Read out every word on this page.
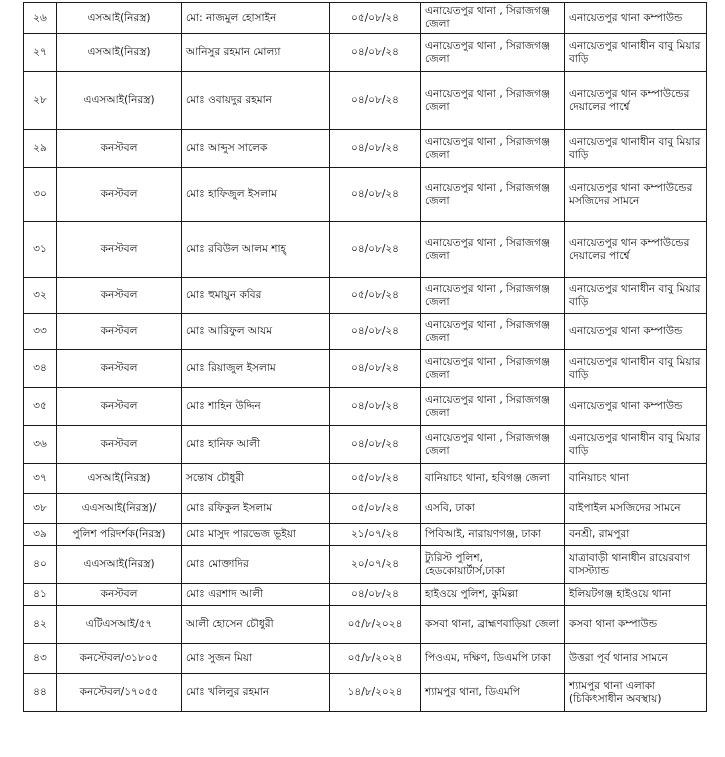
২৬	এসআই(নিরস্ত্র)	মো: নাজমুল হোসাইন	০৫/০৮/২৪	এনায়েতপুর থানা , সিরাজগঞ্জ জেলা	এনায়েতপুর থানা কম্পাউন্ড
২৭	এসআই(নিরস্ত্র)	আনিসুর রহমান মোল্যা	০৪/০৮/২৪	এনায়েতপুর থানা , সিরাজগঞ্জ জেলা	এনায়েতপুর থানাধীন বাবু মিয়ার বাড়ি
২৮	এএসআই(নিরস্ত্র)	মোঃ ওবায়দুর রহমান	০৪/০৮/২৪	এনায়েতপুর থানা , সিরাজগঞ্জ জেলা	এনায়েতপুর থান কম্পাউন্ডের দেয়ালের পার্শ্বে
২৯	কনস্টবল	মোঃ আব্দুস সালেক	০৪/০৮/২৪	এনায়েতপুর থানা , সিরাজগঞ্জ জেলা	এনায়েতপুর থানাধীন বাবু মিয়ার বাড়ি
৩০	কনস্টবল	মোঃ হাফিজুল ইসলাম	০৪/০৮/২৪	এনায়েতপুর থানা , সিরাজগঞ্জ জেলা	এনায়েতপুর থানা কম্পাউন্ডের মসজিদের সামনে
৩১	কনস্টবল	মোঃ রবিউল আলম শাহ্	০৪/০৮/২৪	এনায়েতপুর থানা , সিরাজগঞ্জ জেলা	এনায়েতপুর থান কম্পাউন্ডের দেয়ালের পার্শ্বে
৩২	কনস্টবল	মোঃ হুমায়ুন কবির	০৫/০৮/২৪	এনায়েতপুর থানা , সিরাজগঞ্জ জেলা	এনায়েতপুর থানাধীন বাবু মিয়ার বাড়ি
৩৩	কনস্টবল	মোঃ আরিফুল আযম	০৪/০৮/২৪	এনায়েতপুর থানা , সিরাজগঞ্জ জেলা	এনায়েতপুর থানা কম্পাউন্ড
৩৪	কনস্টবল	মোঃ রিয়াজুল ইসলাম	০৪/০৮/২৪	এনায়েতপুর থানা , সিরাজগঞ্জ জেলা	এনায়েতপুর থানাধীন বাবু মিয়ার বাড়ি
৩৫	কনস্টবল	মোঃ শাহিন উদ্দিন	০৪/০৮/২৪	এনায়েতপুর থানা , সিরাজগঞ্জ জেলা	এনায়েতপুর থানা কম্পাউন্ড
৩৬	কনস্টবল	মোঃ হানিফ আলী	০৪/০৮/২৪	এনায়েতপুর থানা , সিরাজগঞ্জ জেলা	এনায়েতপুর থানাধীন বাবু মিয়ার বাড়ি
৩৭	এসআই(নিরস্ত্র)	সন্তোষ চৌধুরী	০৫/০৮/২৪	বানিয়াচং থানা, হবিগঞ্জ জেলা	বানিয়াচং থানা
৩৮	এএসআই(নিরস্ত্র)/	মোঃ রফিকুল ইসলাম	০৫/০৮/২৪	এসবি, ঢাকা	বাইপাইল মসজিদের সামনে
৩৯	পুলিশ পরিদর্শক(নিরস্ত্র)	মোঃ মাসুদ পারভেজ ভূইয়া	২১/০৭/২৪	পিবিআই, নারায়ণগঞ্জ, ঢাকা	বনশ্রী, রামপুরা
৪০	এএসআই(নিরস্ত্র)	মোঃ মোক্তাদির	২০/০৭/২৪	ট্যুরিস্ট পুলিশ, হেডকোয়ার্টার্স,ঢাকা	যাত্রাবাড়ী থানাধীন রায়েরবাগ বাসস্ট্যান্ড
৪১	কনস্টবল	মোঃ এরশাদ আলী	০৪/০৮/২৪	হাইওয়ে পুলিশ, কুমিল্লা	ইলিয়টগঞ্জ হাইওয়ে থানা
৪২	এটিএসআই/৫৭	আলী হোসেন চৌধুরী	০৫/৮/২০২৪	কসবা থানা, ব্রাহ্মণবাড়িয়া জেলা	কসবা থানা কম্পাউন্ড
৪৩	কনস্টেবল/৩১৮০৫	মোঃ সুজন মিয়া	০৫/৮/২০২৪	পিওএম, দক্ষিণ, ডিএমপি ঢাকা	উত্তরা পূর্ব থানার সামনে
৪৪	কনস্টেবল/১৭০৫৫	মোঃ খলিলুর রহমান	১৪/৮/২০২৪	শ্যামপুর থানা, ডিএমপি	শ্যামপুর থানা এলাকা (চিকিৎসাধীন অবস্থায়)
